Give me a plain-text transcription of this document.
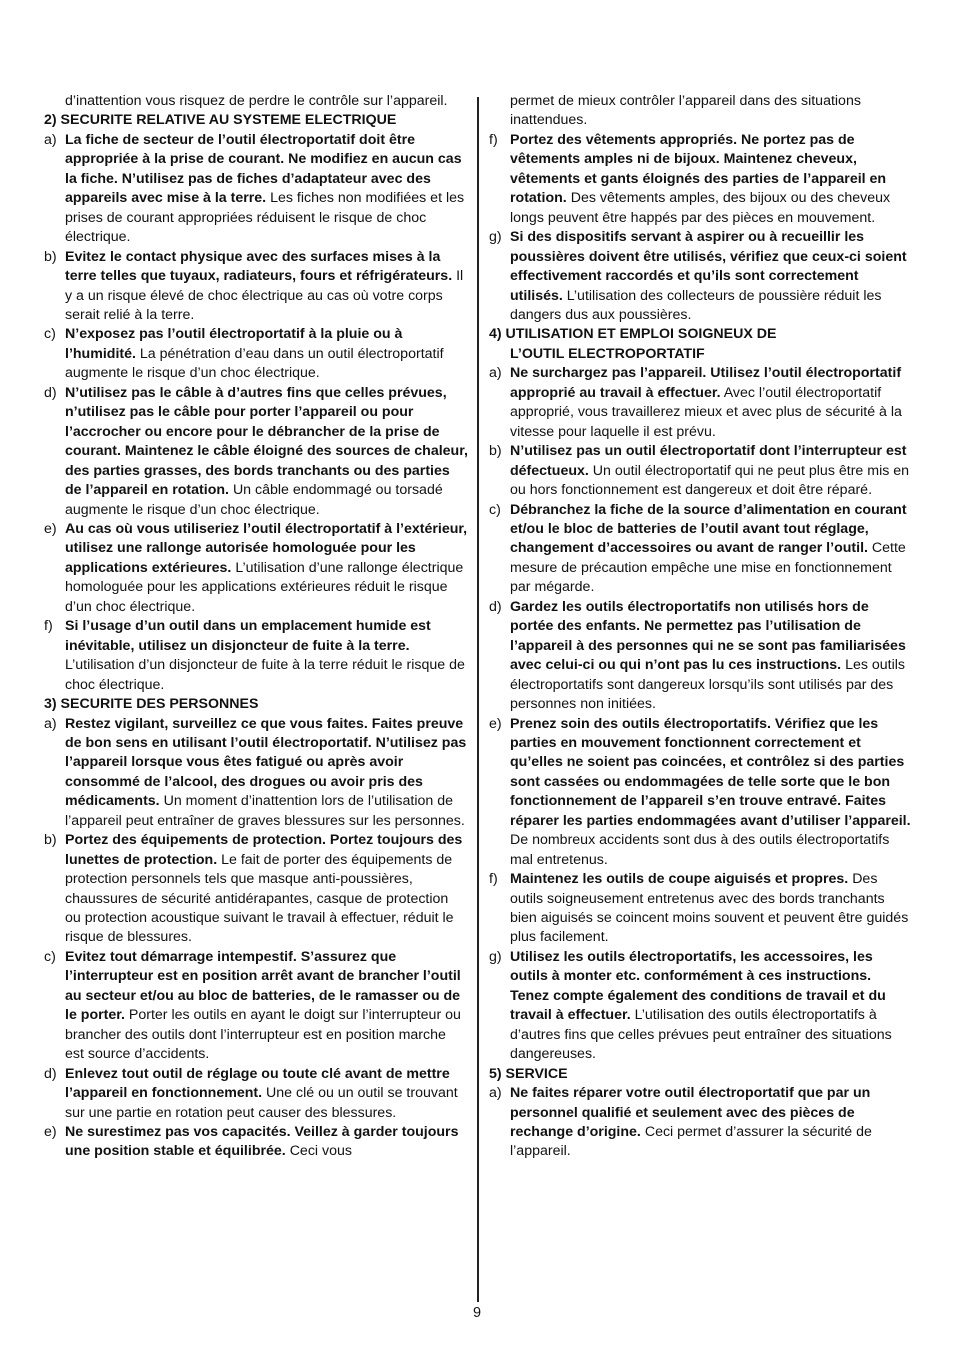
d’inattention vous risquez de perdre le contrôle sur l’appareil.
2) SECURITE RELATIVE AU SYSTEME ELECTRIQUE
a) La fiche de secteur de l’outil électroportatif doit être appropriée à la prise de courant. Ne modifiez en aucun cas la fiche. N’utilisez pas de fiches d’adaptateur avec des appareils avec mise à la terre. Les fiches non modifiées et les prises de courant appropriées réduisent le risque de choc électrique.
b) Evitez le contact physique avec des surfaces mises à la terre telles que tuyaux, radiateurs, fours et réfrigérateurs. Il y a un risque élevé de choc électrique au cas où votre corps serait relié à la terre.
c) N’exposez pas l’outil électroportatif à la pluie ou à l’humidité. La pénétration d’eau dans un outil électroportatif augmente le risque d’un choc électrique.
d) N’utilisez pas le câble à d’autres fins que celles prévues, n’utilisez pas le câble pour porter l’appareil ou pour l’accrocher ou encore pour le débrancher de la prise de courant. Maintenez le câble éloigné des sources de chaleur, des parties grasses, des bords tranchants ou des parties de l’appareil en rotation. Un câble endommagé ou torsadé augmente le risque d’un choc électrique.
e) Au cas où vous utiliseriez l’outil électroportatif à l’extérieur, utilisez une rallonge autorisée homologuée pour les applications extérieures. L’utilisation d’une rallonge électrique homologuée pour les applications extérieures réduit le risque d’un choc électrique.
f) Si l’usage d’un outil dans un emplacement humide est inévitable, utilisez un disjoncteur de fuite à la terre. L’utilisation d’un disjoncteur de fuite à la terre réduit le risque de choc électrique.
3) SECURITE DES PERSONNES
a) Restez vigilant, surveillez ce que vous faites. Faites preuve de bon sens en utilisant l’outil électroportatif. N’utilisez pas l’appareil lorsque vous êtes fatigué ou après avoir consommé de l’alcool, des drogues ou avoir pris des médicaments. Un moment d’inattention lors de l’utilisation de l’appareil peut entraîner de graves blessures sur les personnes.
b) Portez des équipements de protection. Portez toujours des lunettes de protection. Le fait de porter des équipements de protection personnels tels que masque anti-poussières, chaussures de sécurité antidérapantes, casque de protection ou protection acoustique suivant le travail à effectuer, réduit le risque de blessures.
c) Evitez tout démarrage intempestif. S’assurez que l’interrupteur est en position arrêt avant de brancher l’outil au secteur et/ou au bloc de batteries, de le ramasser ou de le porter. Porter les outils en ayant le doigt sur l’interrupteur ou brancher des outils dont l’interrupteur est en position marche est source d’accidents.
d) Enlevez tout outil de réglage ou toute clé avant de mettre l’appareil en fonctionnement. Une clé ou un outil se trouvant sur une partie en rotation peut causer des blessures.
e) Ne surestimez pas vos capacités. Veillez à garder toujours une position stable et équilibrée. Ceci vous
permet de mieux contrôler l’appareil dans des situations inattendues.
f) Portez des vêtements appropriés. Ne portez pas de vêtements amples ni de bijoux. Maintenez cheveux, vêtements et gants éloignés des parties de l’appareil en rotation. Des vêtements amples, des bijoux ou des cheveux longs peuvent être happés par des pièces en mouvement.
g) Si des dispositifs servant à aspirer ou à recueillir les poussières doivent être utilisés, vérifiez que ceux-ci soient effectivement raccordés et qu’ils sont correctement utilisés. L’utilisation des collecteurs de poussière réduit les dangers dus aux poussières.
4) UTILISATION ET EMPLOI SOIGNEUX DE
L’OUTIL ELECTROPORTATIF
a) Ne surchargez pas l’appareil. Utilisez l’outil électroportatif approprié au travail à effectuer. Avec l’outil électroportatif approprié, vous travaillerez mieux et avec plus de sécurité à la vitesse pour laquelle il est prévu.
b) N’utilisez pas un outil électroportatif dont l’interrupteur est défectueux. Un outil électroportatif qui ne peut plus être mis en ou hors fonctionnement est dangereux et doit être réparé.
c) Débranchez la fiche de la source d’alimentation en courant et/ou le bloc de batteries de l’outil avant tout réglage, changement d’accessoires ou avant de ranger l’outil. Cette mesure de précaution empêche une mise en fonctionnement par mégarde.
d) Gardez les outils électroportatifs non utilisés hors de portée des enfants. Ne permettez pas l’utilisation de l’appareil à des personnes qui ne se sont pas familiarisées avec celui-ci ou qui n’ont pas lu ces instructions. Les outils électroportatifs sont dangereux lorsqu’ils sont utilisés par des personnes non initiées.
e) Prenez soin des outils électroportatifs. Vérifiez que les parties en mouvement fonctionnent correctement et qu’elles ne soient pas coincées, et contrôlez si des parties sont cassées ou endommagées de telle sorte que le bon fonctionnement de l’appareil s’en trouve entravé. Faites réparer les parties endommagées avant d’utiliser l’appareil. De nombreux accidents sont dus à des outils électroportatifs mal entretenus.
f) Maintenez les outils de coupe aiguisés et propres. Des outils soigneusement entretenus avec des bords tranchants bien aiguisés se coincent moins souvent et peuvent être guidés plus facilement.
g) Utilisez les outils électroportatifs, les accessoires, les outils à monter etc. conformément à ces instructions. Tenez compte également des conditions de travail et du travail à effectuer. L’utilisation des outils électroportatifs à d’autres fins que celles prévues peut entraîner des situations dangereuses.
5) SERVICE
a) Ne faites réparer votre outil électroportatif que par un personnel qualifié et seulement avec des pièces de rechange d’origine. Ceci permet d’assurer la sécurité de l’appareil.
9
